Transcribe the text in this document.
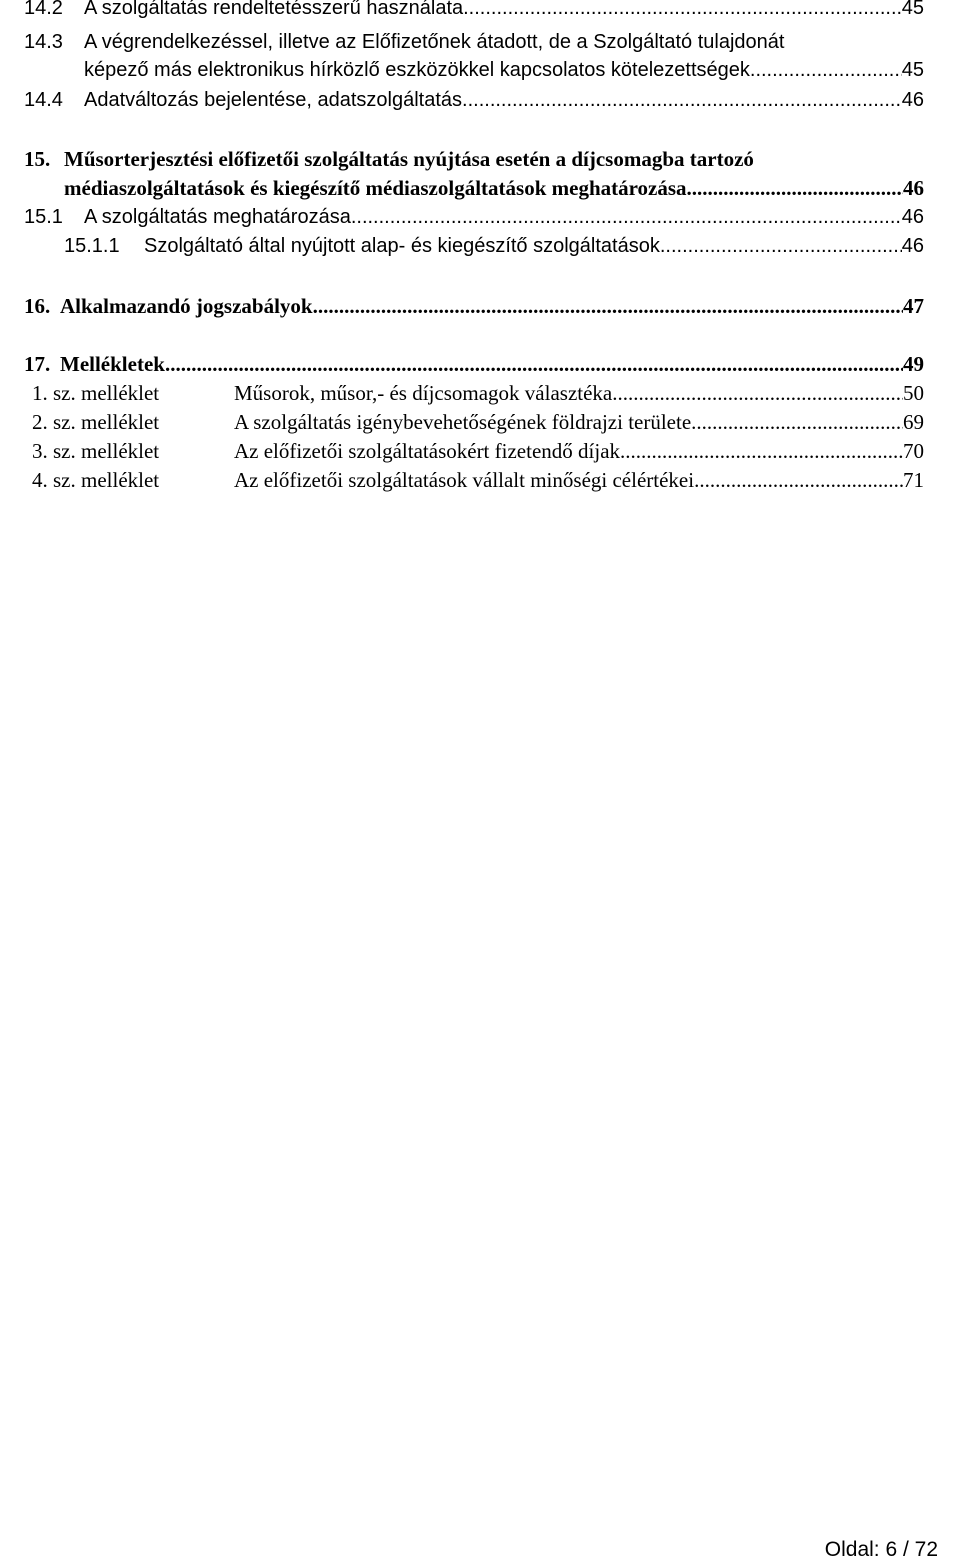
14.2	A szolgáltatás rendeltetésszerű használata .....	45
14.3 A végrendelkezéssel, illetve az Előfizetőnek átadott, de a Szolgáltató tulajdonát
képező más elektronikus hírközlő eszközökkel kapcsolatos kötelezettségek .....	45
14.4	Adatváltozás bejelentése, adatszolgáltatás .....	46
15. Műsorterjesztési előfizetői szolgáltatás nyújtása esetén a díjcsomagba tartozó
médiaszolgáltatások és kiegészítő médiaszolgáltatások meghatározása .....	46
15.1	A szolgáltatás meghatározása .....	46
15.1.1	Szolgáltató által nyújtott alap- és kiegészítő szolgáltatások .....	46
16. Alkalmazandó jogszabályok .....	47
17. Mellékletek .....	49
1. sz. melléklet	Műsorok, műsor,- és díjcsomagok választéka .....	50
2. sz. melléklet	A szolgáltatás igénybevehetőségének földrajzi területe .....	69
3. sz. melléklet	Az előfizetői szolgáltatásokért fizetendő díjak .....	70
4. sz. melléklet	Az előfizetői szolgáltatások vállalt minőségi célértékei .....	71
Oldal: 6 / 72
